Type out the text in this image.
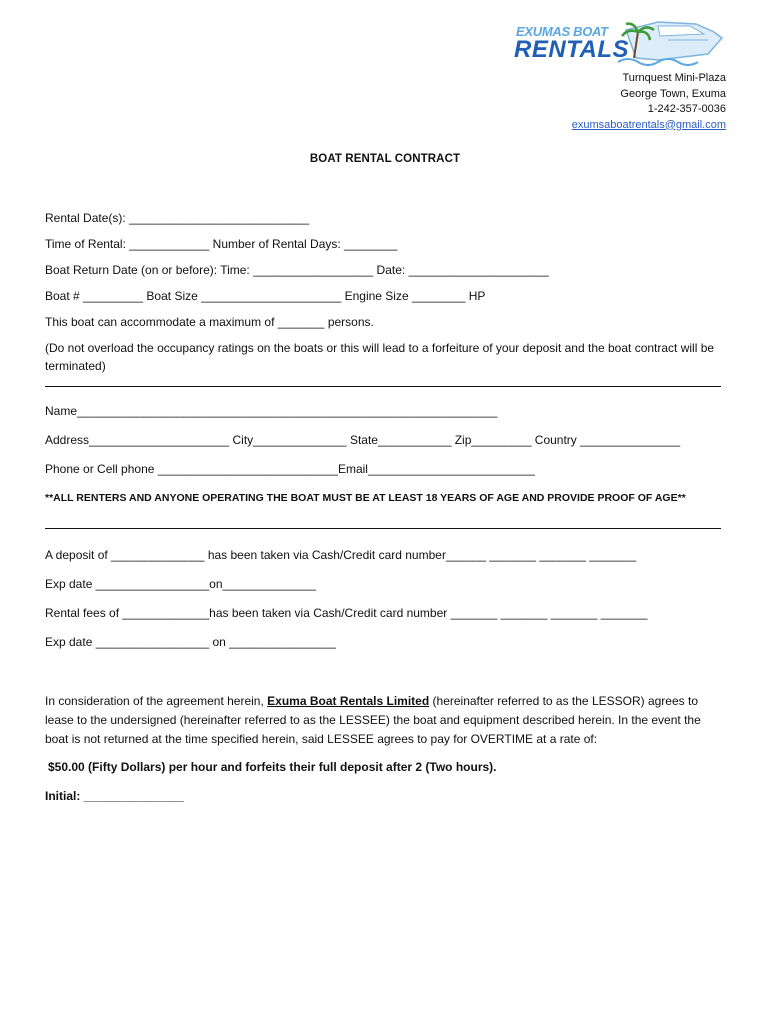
EXUMAS BOAT
RENTALS
Turnquest Mini-Plaza
George Town, Exuma
1-242-357-0036
exumsaboatrentals@gmail.com
BOAT RENTAL CONTRACT
Rental Date(s): ___________________________
Time of Rental: ____________ Number of Rental Days: ________
Boat Return Date (on or before): Time: __________________ Date: _____________________
Boat # _________ Boat Size _____________________ Engine Size ________ HP
This boat can accommodate a maximum of _______ persons.
(Do not overload the occupancy ratings on the boats or this will lead to a forfeiture of your deposit and the boat contract will be terminated)
Name_______________________________________________________________
Address_____________________ City______________ State___________ Zip_________ Country _______________
Phone or Cell phone ___________________________Email_________________________
**ALL RENTERS AND ANYONE OPERATING THE BOAT MUST BE AT LEAST 18 YEARS OF AGE AND PROVIDE PROOF OF AGE**
A deposit of ______________ has been taken via Cash/Credit card number______ _______ _______ _______
Exp date _________________on______________
Rental fees of _____________has been taken via Cash/Credit card number _______ _______ _______ _______
Exp date _________________ on ________________
In consideration of the agreement herein, Exuma Boat Rentals Limited (hereinafter referred to as the LESSOR) agrees to lease to the undersigned (hereinafter referred to as the LESSEE) the boat and equipment described herein. In the event the boat is not returned at the time specified herein, said LESSEE agrees to pay for OVERTIME at a rate of:
$50.00 (Fifty Dollars) per hour and forfeits their full deposit after 2 (Two hours).
Initial: _______________
